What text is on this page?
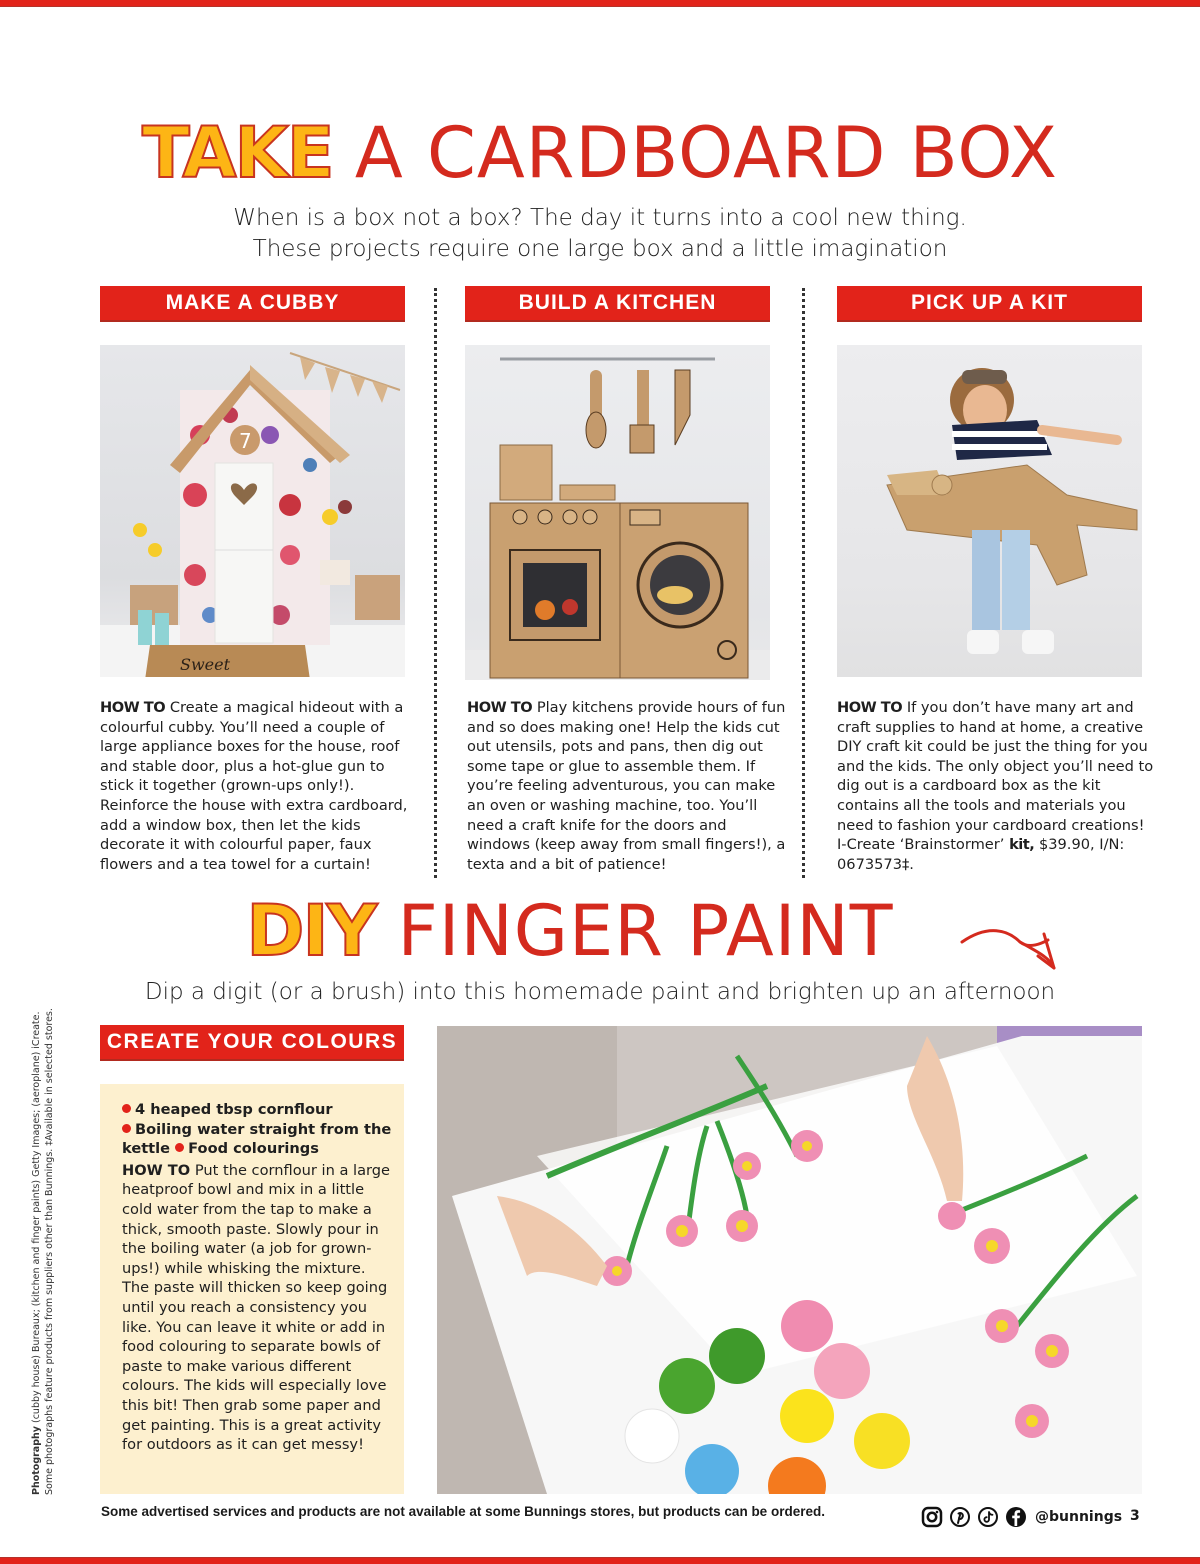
TAKE A CARDBOARD BOX
When is a box not a box? The day it turns into a cool new thing.
These projects require one large box and a little imagination
MAKE A CUBBY	BUILD A KITCHEN	PICK UP A KIT
7
Sweet
HOW TO Create a magical hideout with a colourful cubby. You’ll need a couple of large appliance boxes for the house, roof and stable door, plus a hot-glue gun to stick it together (grown-ups only!). Reinforce the house with extra cardboard, add a window box, then let the kids decorate it with colourful paper, faux flowers and a tea towel for a curtain!
HOW TO Play kitchens provide hours of fun and so does making one! Help the kids cut out utensils, pots and pans, then dig out some tape or glue to assemble them. If you’re feeling adventurous, you can make an oven or washing machine, too. You’ll need a craft knife for the doors and windows (keep away from small fingers!), a texta and a bit of patience!
HOW TO If you don’t have many art and craft supplies to hand at home, a creative DIY craft kit could be just the thing for you and the kids. The only object you’ll need to dig out is a cardboard box as the kit contains all the tools and materials you need to fashion your cardboard creations! I-Create ‘Brainstormer’ kit, $39.90, I/N: 0673573‡.
DIY FINGER PAINT
Dip a digit (or a brush) into this homemade paint and brighten up an afternoon
CREATE YOUR COLOURS
4 heaped tbsp cornflour
Boiling water straight from the kettle Food colourings
HOW TO Put the cornflour in a large heatproof bowl and mix in a little cold water from the tap to make a thick, smooth paste. Slowly pour in the boiling water (a job for grown-ups!) while whisking the mixture. The paste will thicken so keep going until you reach a consistency you like. You can leave it white or add in food colouring to separate bowls of paste to make various different colours. The kids will especially love this bit! Then grab some paper and get painting. This is a great activity for outdoors as it can get messy!
Photography (cubby house) Bureaux; (kitchen and finger paints) Getty Images; (aeroplane) iCreate. Some photographs feature products from suppliers other than Bunnings. ‡Available in selected stores.
Some advertised services and products are not available at some Bunnings stores, but products can be ordered.	@bunnings 3
